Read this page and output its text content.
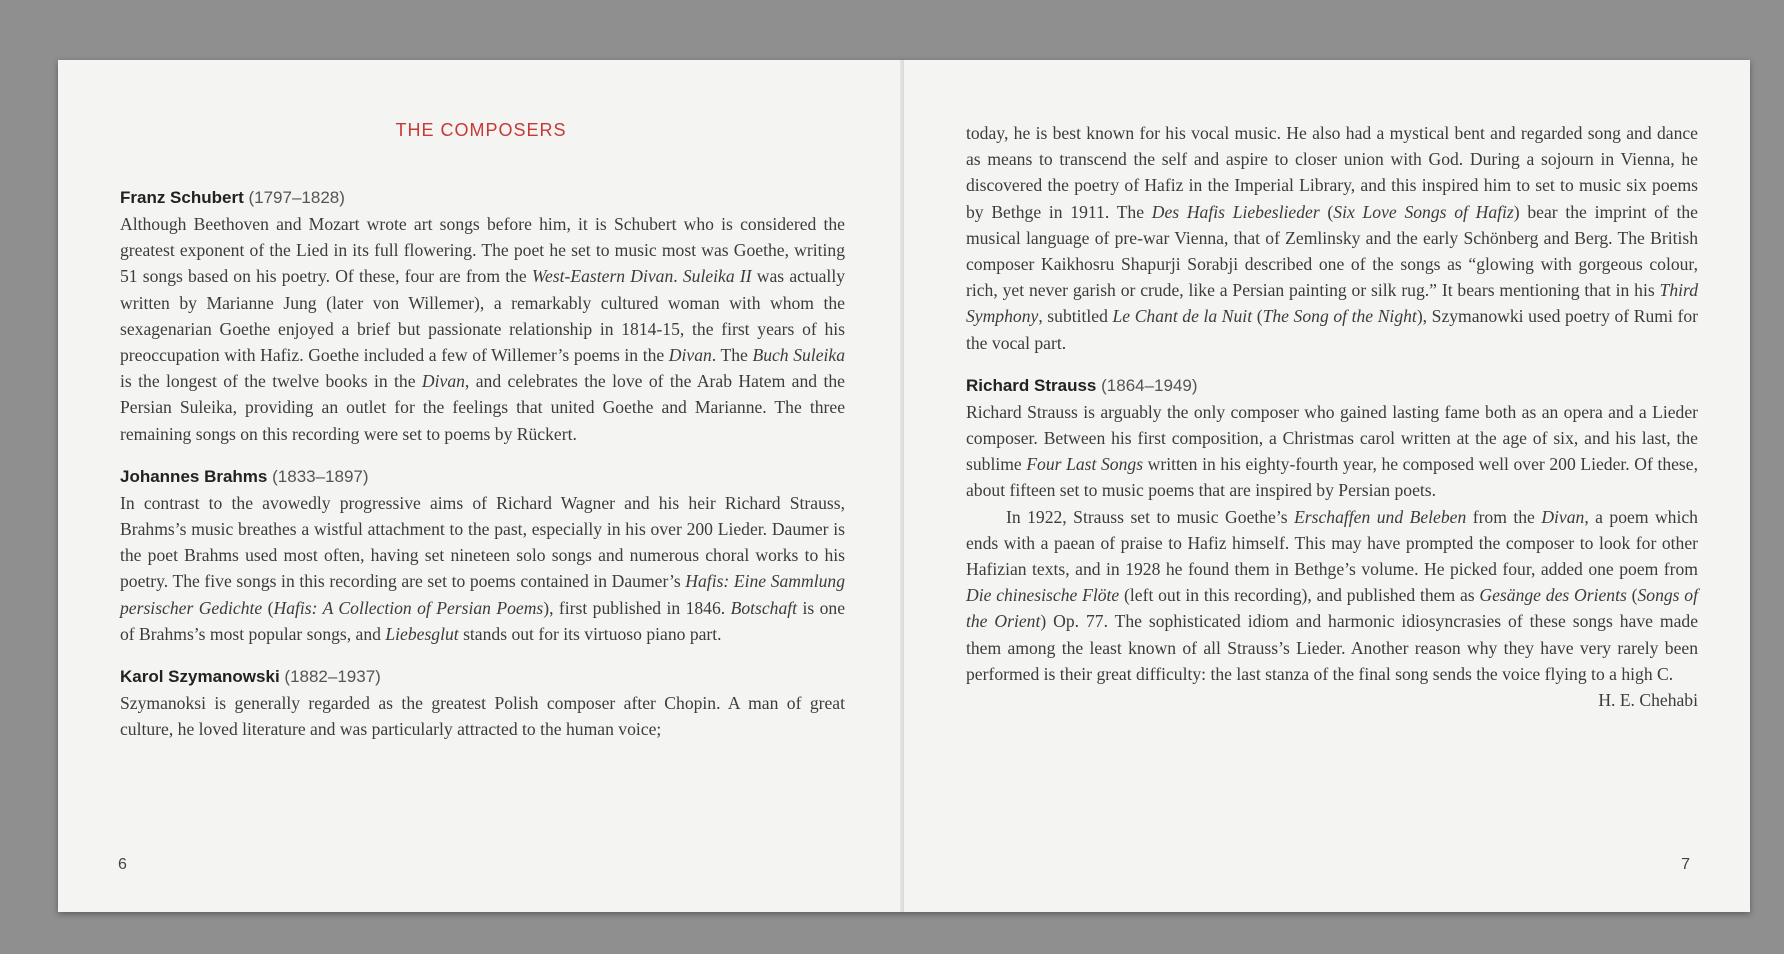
THE COMPOSERS
Franz Schubert (1797–1828)

Although Beethoven and Mozart wrote art songs before him, it is Schubert who is considered the greatest exponent of the Lied in its full flowering. The poet he set to music most was Goethe, writing 51 songs based on his poetry. Of these, four are from the West-Eastern Divan. Suleika II was actually written by Marianne Jung (later von Willemer), a remarkably cultured woman with whom the sexagenarian Goethe enjoyed a brief but passionate relationship in 1814-15, the first years of his preoccupation with Hafiz. Goethe included a few of Willemer’s poems in the Divan. The Buch Suleika is the longest of the twelve books in the Divan, and celebrates the love of the Arab Hatem and the Persian Suleika, providing an outlet for the feelings that united Goethe and Marianne. The three remaining songs on this recording were set to poems by Rückert.

Johannes Brahms (1833–1897)

In contrast to the avowedly progressive aims of Richard Wagner and his heir Richard Strauss, Brahms’s music breathes a wistful attachment to the past, especially in his over 200 Lieder. Daumer is the poet Brahms used most often, having set nineteen solo songs and numerous choral works to his poetry. The five songs in this recording are set to poems contained in Daumer’s Hafis: Eine Sammlung persischer Gedichte (Hafis: A Collection of Persian Poems), first published in 1846. Botschaft is one of Brahms’s most popular songs, and Liebesglut stands out for its virtuoso piano part.

Karol Szymanowski (1882–1937)

Szymanoksi is generally regarded as the greatest Polish composer after Chopin. A man of great culture, he loved literature and was particularly attracted to the human voice;

6

today, he is best known for his vocal music. He also had a mystical bent and regarded song and dance as means to transcend the self and aspire to closer union with God. During a sojourn in Vienna, he discovered the poetry of Hafiz in the Imperial Library, and this inspired him to set to music six poems by Bethge in 1911. The Des Hafis Liebeslieder (Six Love Songs of Hafiz) bear the imprint of the musical language of pre-war Vienna, that of Zemlinsky and the early Schönberg and Berg. The British composer Kaikhosru Shapurji Sorabji described one of the songs as “glowing with gorgeous colour, rich, yet never garish or crude, like a Persian painting or silk rug.” It bears mentioning that in his Third Symphony, subtitled Le Chant de la Nuit (The Song of the Night), Szymanowki used poetry of Rumi for the vocal part.

Richard Strauss (1864–1949)

Richard Strauss is arguably the only composer who gained lasting fame both as an opera and a Lieder composer. Between his first composition, a Christmas carol written at the age of six, and his last, the sublime Four Last Songs written in his eighty-fourth year, he composed well over 200 Lieder. Of these, about fifteen set to music poems that are inspired by Persian poets.

In 1922, Strauss set to music Goethe’s Erschaffen und Beleben from the Divan, a poem which ends with a paean of praise to Hafiz himself. This may have prompted the composer to look for other Hafizian texts, and in 1928 he found them in Bethge’s volume. He picked four, added one poem from Die chinesische Flöte (left out in this recording), and published them as Gesänge des Orients (Songs of the Orient) Op. 77. The sophisticated idiom and harmonic idiosyncrasies of these songs have made them among the least known of all Strauss’s Lieder. Another reason why they have very rarely been performed is their great difficulty: the last stanza of the final song sends the voice flying to a high C.

H. E. Chehabi

7
